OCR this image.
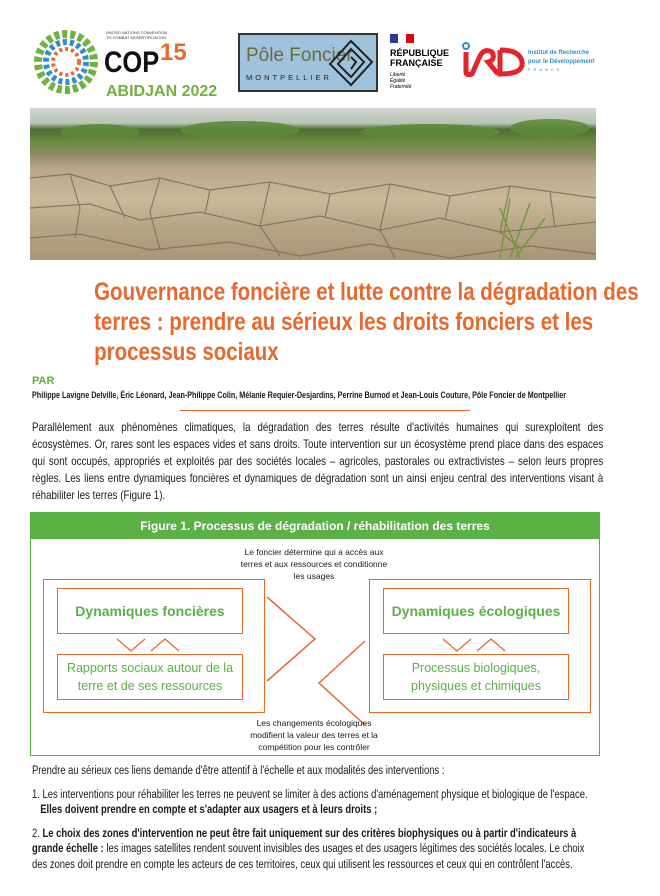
UNITED NATIONS CONVENTION
TO COMBAT DESERTIFICATION
COP 15
ABIDJAN 2022
Pôle Foncier
MONTPELLIER
RÉPUBLIQUE
FRANÇAISE
Liberté
Égalité
Fraternité
Institut de Recherche
pour le Développement
FRANCE
Gouvernance foncière et lutte contre la dégradation des terres : prendre au sérieux les droits fonciers et les processus sociaux
PAR
Philippe Lavigne Delville, Éric Léonard, Jean-Philippe Colin, Mélanie Requier-Desjardins, Perrine Burnod et Jean-Louis Couture, Pôle Foncier de Montpellier
Parallèlement aux phénomènes climatiques, la dégradation des terres résulte d'activités humaines qui surexploitent des écosystèmes. Or, rares sont les espaces vides et sans droits. Toute intervention sur un écosystème prend place dans des espaces qui sont occupés, appropriés et exploités par des sociétés locales – agricoles, pastorales ou extractivistes – selon leurs propres règles. Les liens entre dynamiques foncières et dynamiques de dégradation sont un ainsi enjeu central des interventions visant à réhabiliter les terres (Figure 1).
Figure 1. Processus de dégradation / réhabilitation des terres
Le foncier détermine qui a accès aux terres et aux ressources et conditionne les usages
Dynamiques foncières
Rapports sociaux autour de la terre et de ses ressources
Dynamiques écologiques
Processus biologiques, physiques et chimiques
Les changements écologiques modifient la valeur des terres et la compétition pour les contrôler

Prendre au sérieux ces liens demande d'être attentif à l'échelle et aux modalités des interventions :

1. Les interventions pour réhabiliter les terres ne peuvent se limiter à des actions d'aménagement physique et biologique de l'espace.
Elles doivent prendre en compte et s'adapter aux usagers et à leurs droits ;

2. Le choix des zones d'intervention ne peut être fait uniquement sur des critères biophysiques ou à partir d'indicateurs à grande échelle : les images satellites rendent souvent invisibles des usages et des usagers légitimes des sociétés locales. Le choix des zones doit prendre en compte les acteurs de ces territoires, ceux qui utilisent les ressources et ceux qui en contrôlent l'accès.
